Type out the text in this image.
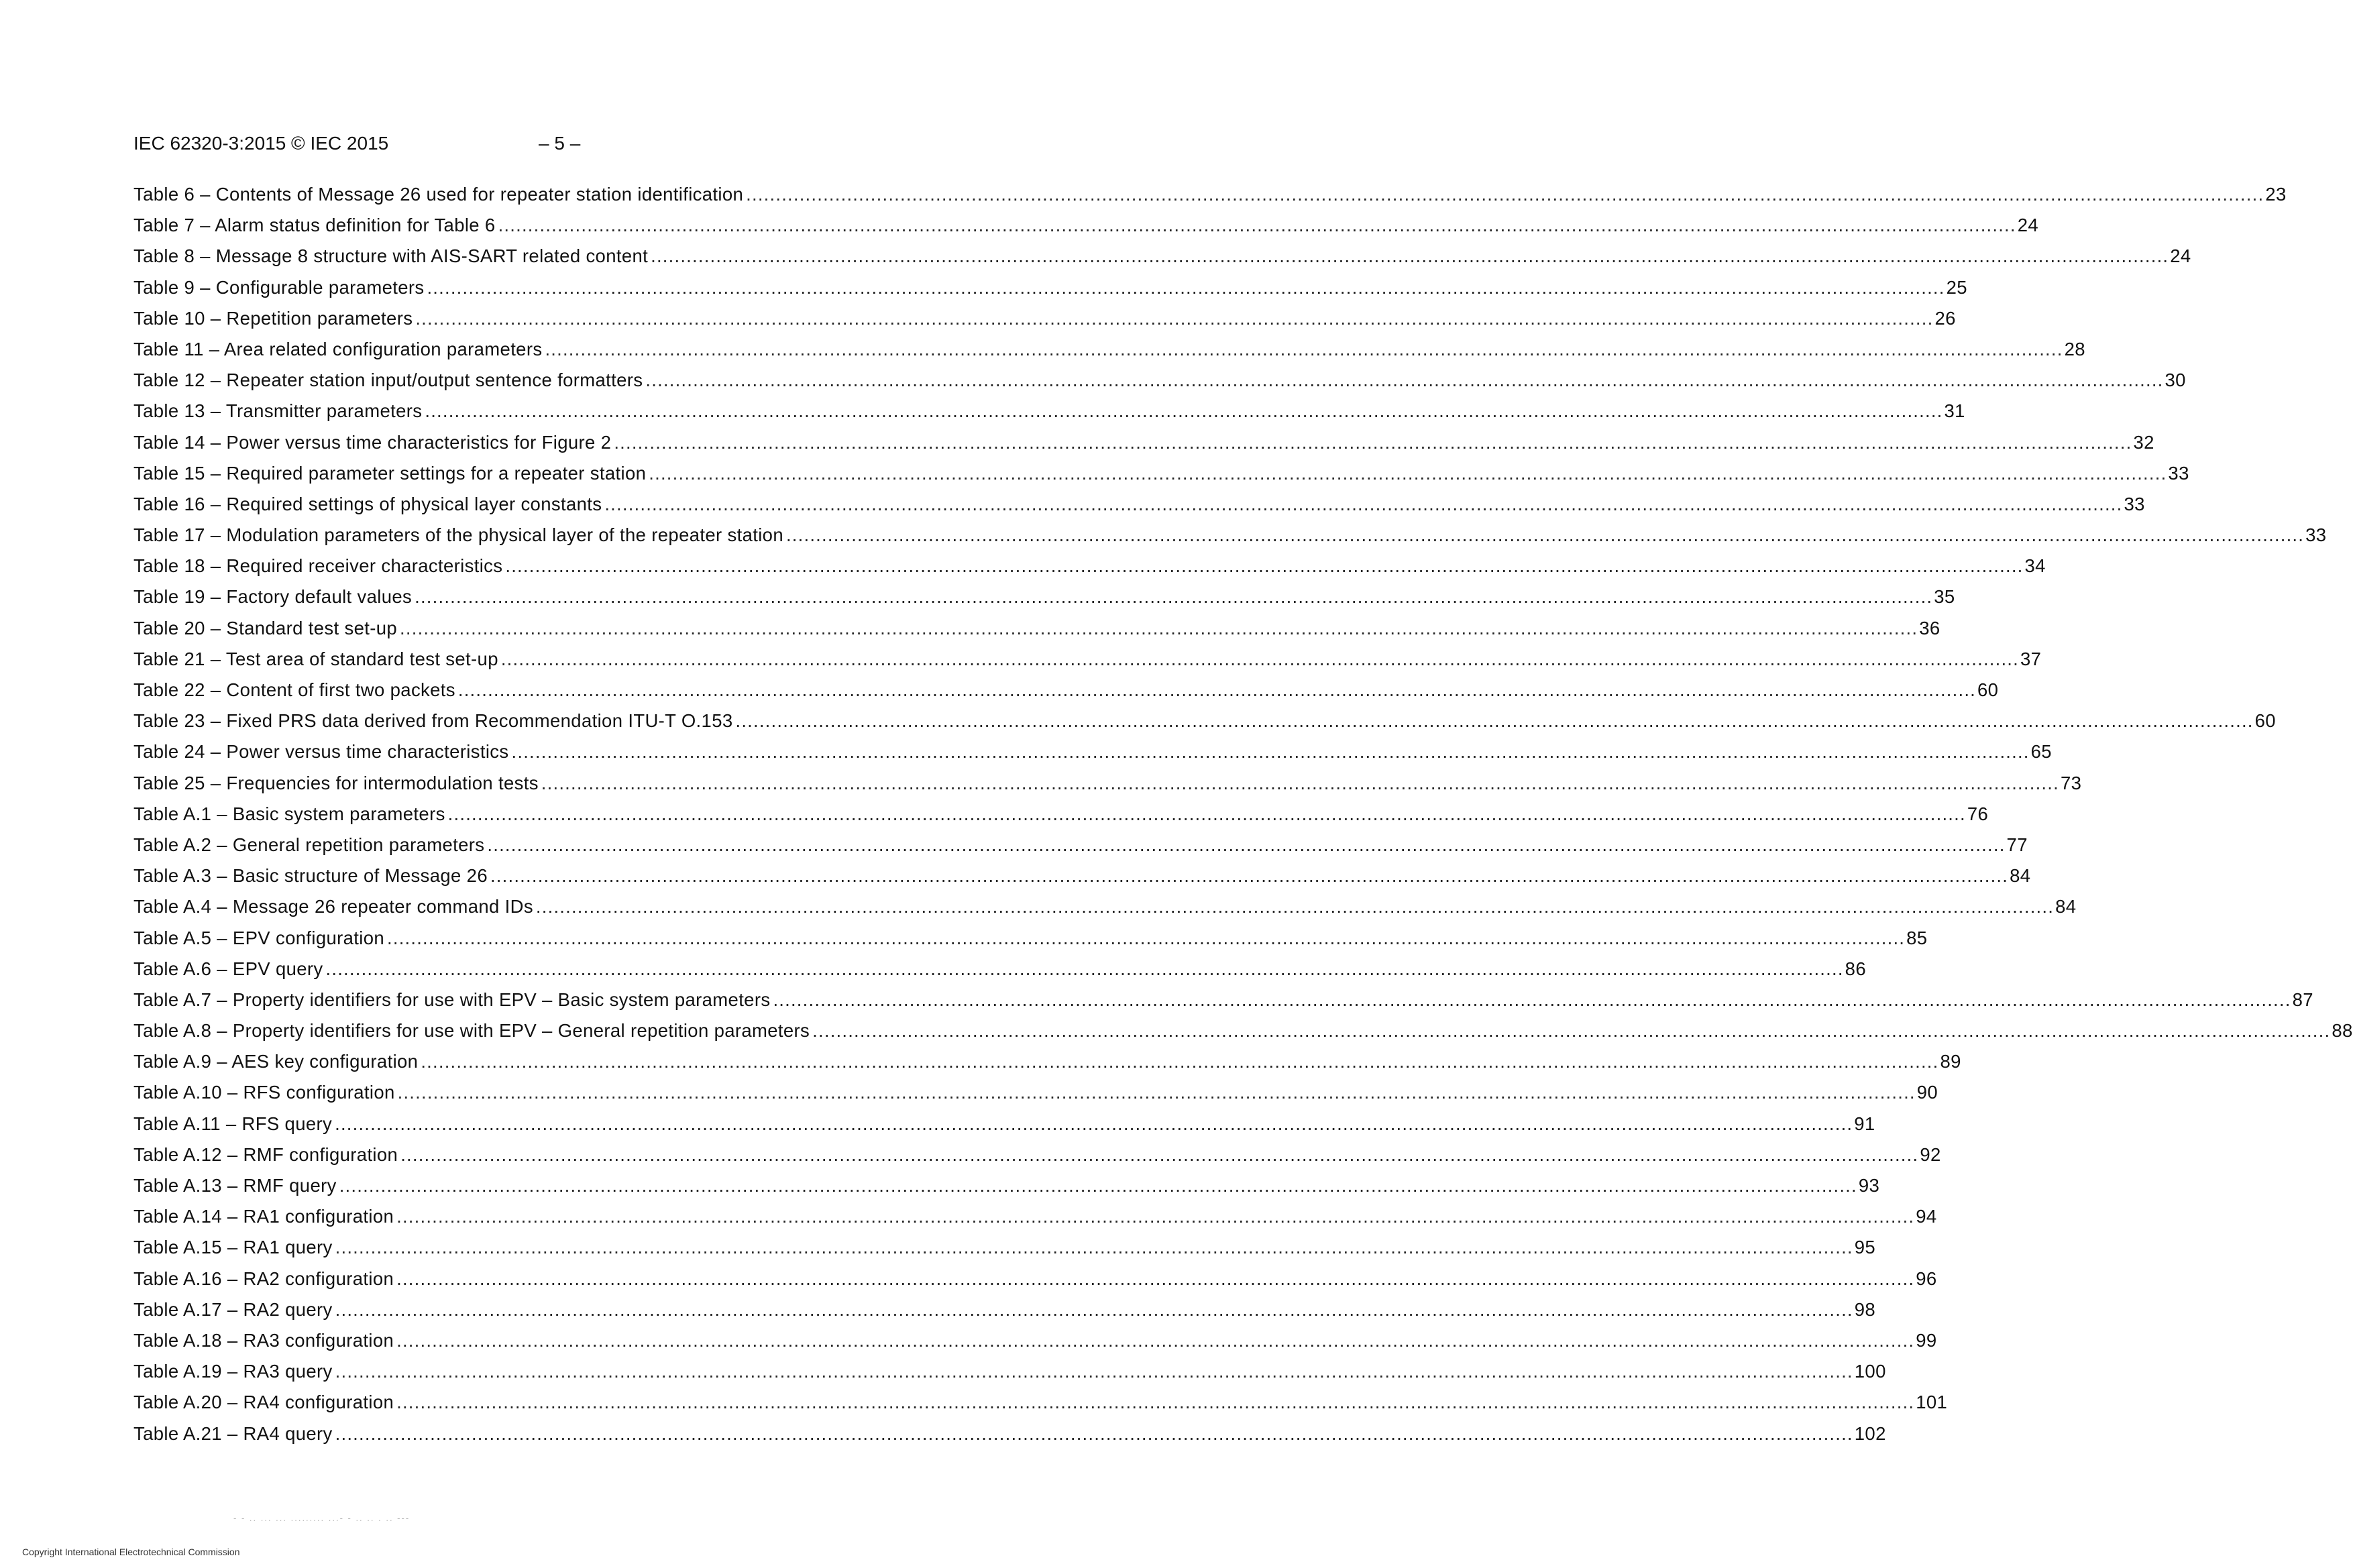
IEC 62320-3:2015 © IEC 2015	– 5 –
Table 6 – Contents of Message 26 used for repeater station identification .....	23
Table 7 – Alarm status definition for Table 6 .....	24
Table 8 – Message 8 structure with AIS-SART related content .....	24
Table 9 – Configurable parameters .....	25
Table 10 – Repetition parameters .....	26
Table 11 – Area related configuration parameters .....	28
Table 12 – Repeater station input/output sentence formatters .....	30
Table 13 – Transmitter parameters .....	31
Table 14 – Power versus time characteristics for Figure 2 .....	32
Table 15 – Required parameter settings for a repeater station .....	33
Table 16 – Required settings of physical layer constants .....	33
Table 17 – Modulation parameters of the physical layer of the repeater station .....	33
Table 18 – Required receiver characteristics .....	34
Table 19 – Factory default values .....	35
Table 20 – Standard test set-up .....	36
Table 21 – Test area of standard test set-up .....	37
Table 22 – Content of first two packets .....	60
Table 23 – Fixed PRS data derived from Recommendation ITU-T O.153 .....	60
Table 24 – Power versus time characteristics .....	65
Table 25 – Frequencies for intermodulation tests .....	73
Table A.1 – Basic system parameters .....	76
Table A.2 – General repetition parameters .....	77
Table A.3 – Basic structure of Message 26 .....	84
Table A.4 – Message 26 repeater command IDs .....	84
Table A.5 – EPV configuration .....	85
Table A.6 – EPV query .....	86
Table A.7 – Property identifiers for use with EPV – Basic system parameters .....	87
Table A.8 – Property identifiers for use with EPV – General repetition parameters .....	88
Table A.9 – AES key configuration .....	89
Table A.10 – RFS configuration .....	90
Table A.11 – RFS query .....	91
Table A.12 – RMF configuration .....	92
Table A.13 – RMF query .....	93
Table A.14 – RA1 configuration .....	94
Table A.15 – RA1 query .....	95
Table A.16 – RA2 configuration .....	96
Table A.17 – RA2 query .....	98
Table A.18 – RA3 configuration .....	99
Table A.19 – RA3 query .....	100
Table A.20 – RA4 configuration .....	101
Table A.21 – RA4 query .....	102
- - .. ... ... ......... ...- - .. .. . .. ---
Copyright International Electrotechnical Commission
